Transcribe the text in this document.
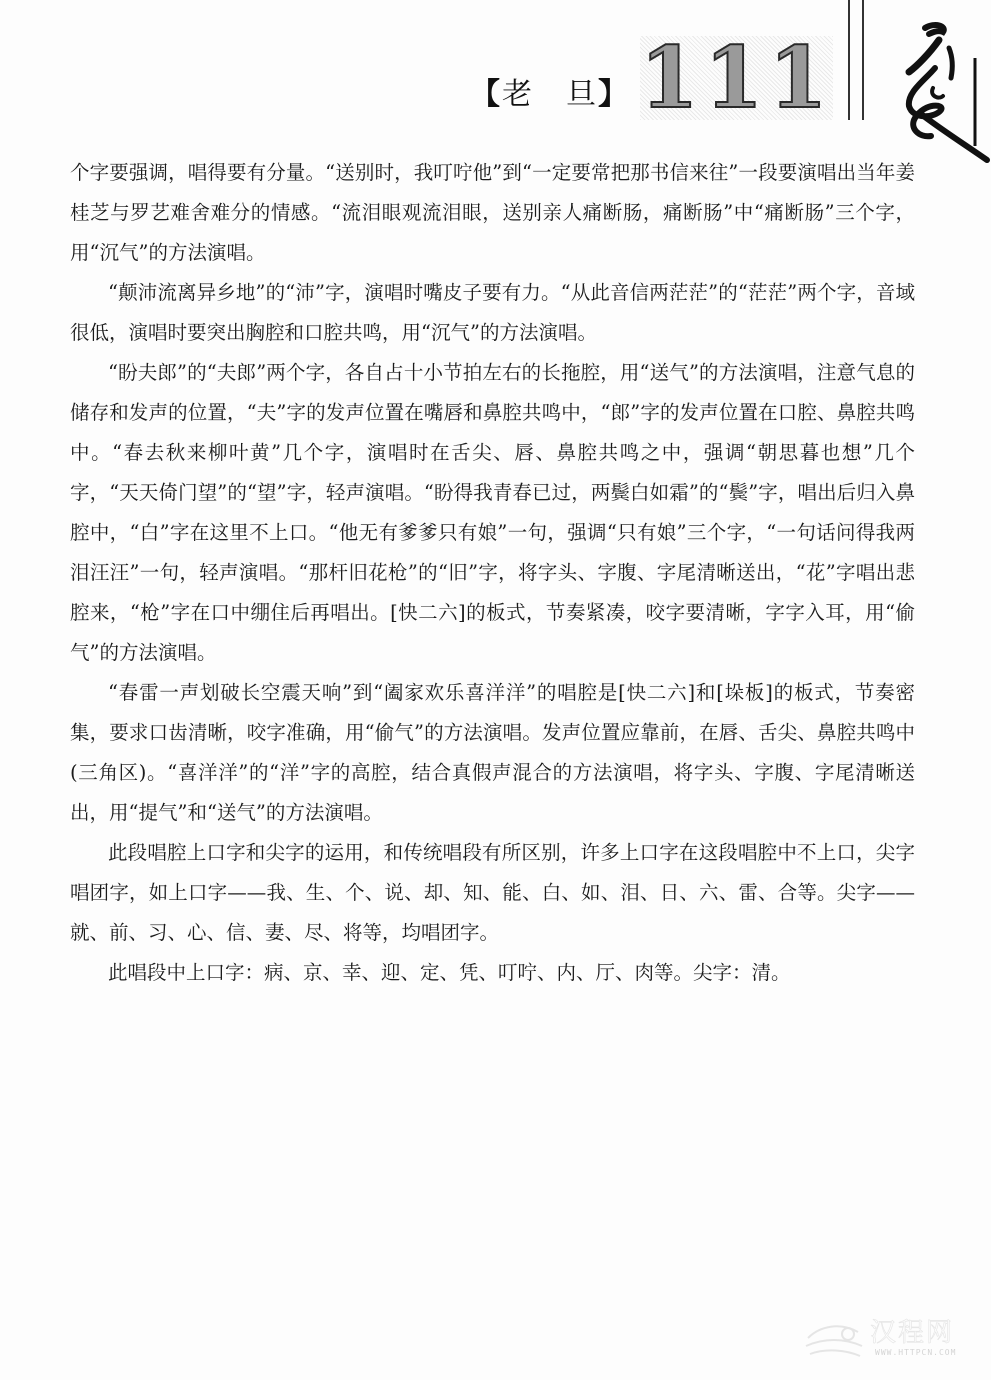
【老　旦】 111

个字要强调，唱得要有分量。“送别时，我叮咛他”到“一定要常把那书信来往”一段要演唱出当年姜桂芝与罗艺难舍难分的情感。“流泪眼观流泪眼，送别亲人痛断肠，痛断肠”中“痛断肠”三个字，用“沉气”的方法演唱。

“颠沛流离异乡地”的“沛”字，演唱时嘴皮子要有力。“从此音信两茫茫”的“茫茫”两个字，音域很低，演唱时要突出胸腔和口腔共鸣，用“沉气”的方法演唱。

“盼夫郎”的“夫郎”两个字，各自占十小节拍左右的长拖腔，用“送气”的方法演唱，注意气息的储存和发声的位置，“夫”字的发声位置在嘴唇和鼻腔共鸣中，“郎”字的发声位置在口腔、鼻腔共鸣中。“春去秋来柳叶黄”几个字，演唱时在舌尖、唇、鼻腔共鸣之中，强调“朝思暮也想”几个字，“天天倚门望”的“望”字，轻声演唱。“盼得我青春已过，两鬓白如霜”的“鬓”字，唱出后归入鼻腔中，“白”字在这里不上口。“他无有爹爹只有娘”一句，强调“只有娘”三个字，“一句话问得我两泪汪汪”一句，轻声演唱。“那杆旧花枪”的“旧”字，将字头、字腹、字尾清晰送出，“花”字唱出悲腔来，“枪”字在口中绷住后再唱出。[快二六]的板式，节奏紧凑，咬字要清晰，字字入耳，用“偷气”的方法演唱。

“春雷一声划破长空震天响”到“阖家欢乐喜洋洋”的唱腔是[快二六]和[垛板]的板式，节奏密集，要求口齿清晰，咬字准确，用“偷气”的方法演唱。发声位置应靠前，在唇、舌尖、鼻腔共鸣中(三角区)。“喜洋洋”的“洋”字的高腔，结合真假声混合的方法演唱，将字头、字腹、字尾清晰送出，用“提气”和“送气”的方法演唱。

此段唱腔上口字和尖字的运用，和传统唱段有所区别，许多上口字在这段唱腔中不上口，尖字唱团字，如上口字——我、生、个、说、却、知、能、白、如、泪、日、六、雷、合等。尖字——就、前、习、心、信、妻、尽、将等，均唱团字。

此唱段中上口字：病、京、幸、迎、定、凭、叮咛、内、厅、肉等。尖字：清。

汉程网
WWW.HTTPCN.COM
